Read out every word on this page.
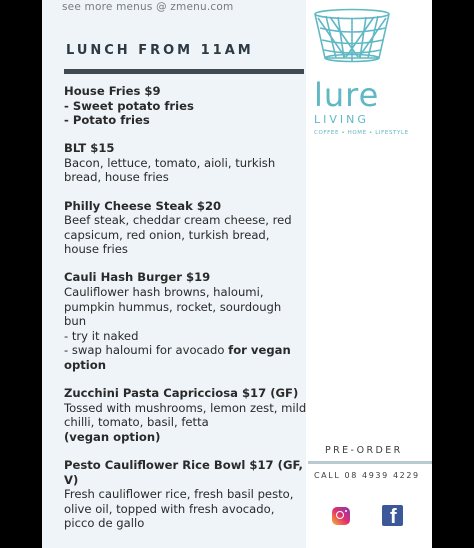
see more menus @ zmenu.com
LUNCH FROM 11AM
House Fries $9
- Sweet potato fries
- Potato fries
BLT $15
Bacon, lettuce, tomato, aioli, turkish
bread, house fries
Philly Cheese Steak $20
Beef steak, cheddar cream cheese, red
capsicum, red onion, turkish bread,
house fries
Cauli Hash Burger $19
Cauliflower hash browns, haloumi,
pumpkin hummus, rocket, sourdough
bun
- try it naked
- swap haloumi for avocado for vegan
option
Zucchini Pasta Capricciosa $17 (GF)
Tossed with mushrooms, lemon zest, mild
chilli, tomato, basil, fetta
(vegan option)
Pesto Cauliflower Rice Bowl $17 (GF,
V)
Fresh cauliflower rice, fresh basil pesto,
olive oil, topped with fresh avocado,
picco de gallo
lure
LIVING
COFFEE • HOME • LIFESTYLE
PRE-ORDER
CALL 08 4939 4229
f
